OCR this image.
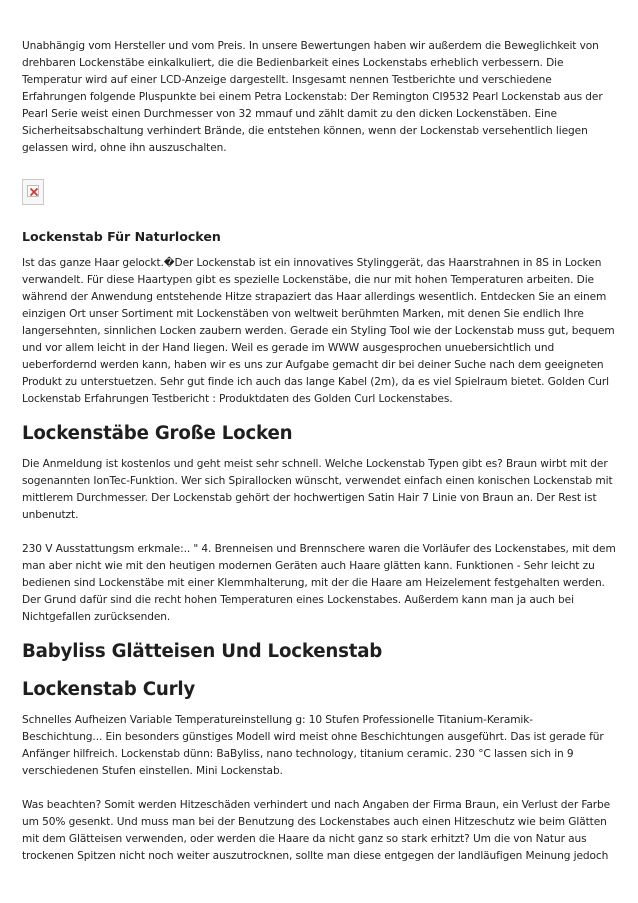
Unabhängig vom Hersteller und vom Preis. In unsere Bewertungen haben wir außerdem die Beweglichkeit von drehbaren Lockenstäbe einkalkuliert, die die Bedienbarkeit eines Lockenstabs erheblich verbessern. Die Temperatur wird auf einer LCD-Anzeige dargestellt. Insgesamt nennen Testberichte und verschiedene Erfahrungen folgende Pluspunkte bei einem Petra Lockenstab: Der Remington CI9532 Pearl Lockenstab aus der Pearl Serie weist einen Durchmesser von 32 mmauf und zählt damit zu den dicken Lockenstäben. Eine Sicherheitsabschaltung verhindert Brände, die entstehen können, wenn der Lockenstab versehentlich liegen gelassen wird, ohne ihn auszuschalten.

Lockenstab Für Naturlocken

Ist das ganze Haar gelockt.�Der Lockenstab ist ein innovatives Stylinggerät, das Haarstrahnen in 8S in Locken verwandelt. Für diese Haartypen gibt es spezielle Lockenstäbe, die nur mit hohen Temperaturen arbeiten. Die während der Anwendung entstehende Hitze strapaziert das Haar allerdings wesentlich. Entdecken Sie an einem einzigen Ort unser Sortiment mit Lockenstäben von weltweit berühmten Marken, mit denen Sie endlich Ihre langersehnten, sinnlichen Locken zaubern werden. Gerade ein Styling Tool wie der Lockenstab muss gut, bequem und vor allem leicht in der Hand liegen. Weil es gerade im WWW ausgesprochen unuebersichtlich und ueberfordernd werden kann, haben wir es uns zur Aufgabe gemacht dir bei deiner Suche nach dem geeigneten Produkt zu unterstuetzen. Sehr gut finde ich auch das lange Kabel (2m), da es viel Spielraum bietet. Golden Curl Lockenstab Erfahrungen Testbericht : Produktdaten des Golden Curl Lockenstabes.

Lockenstäbe Große Locken

Die Anmeldung ist kostenlos und geht meist sehr schnell. Welche Lockenstab Typen gibt es? Braun wirbt mit der sogenannten IonTec-Funktion. Wer sich Spirallocken wünscht, verwendet einfach einen konischen Lockenstab mit mittlerem Durchmesser. Der Lockenstab gehört der hochwertigen Satin Hair 7 Linie von Braun an. Der Rest ist unbenutzt.

230 V Ausstattungsm erkmale:.. " 4. Brenneisen und Brennschere waren die Vorläufer des Lockenstabes, mit dem man aber nicht wie mit den heutigen modernen Geräten auch Haare glätten kann. Funktionen - Sehr leicht zu bedienen sind Lockenstäbe mit einer Klemmhalterung, mit der die Haare am Heizelement festgehalten werden. Der Grund dafür sind die recht hohen Temperaturen eines Lockenstabes. Außerdem kann man ja auch bei Nichtgefallen zurücksenden.

Babyliss Glätteisen Und Lockenstab
Lockenstab Curly

Schnelles Aufheizen Variable Temperatureinstellung g: 10 Stufen Professionelle Titanium-Keramik- Beschichtung... Ein besonders günstiges Modell wird meist ohne Beschichtungen ausgeführt. Das ist gerade für Anfänger hilfreich. Lockenstab dünn: BaByliss, nano technology, titanium ceramic. 230 °C lassen sich in 9 verschiedenen Stufen einstellen. Mini Lockenstab.

Was beachten? Somit werden Hitzeschäden verhindert und nach Angaben der Firma Braun, ein Verlust der Farbe um 50% gesenkt. Und muss man bei der Benutzung des Lockenstabes auch einen Hitzeschutz wie beim Glätten mit dem Glätteisen verwenden, oder werden die Haare da nicht ganz so stark erhitzt? Um die von Natur aus trockenen Spitzen nicht noch weiter auszutrocknen, sollte man diese entgegen der landläufigen Meinung jedoch
